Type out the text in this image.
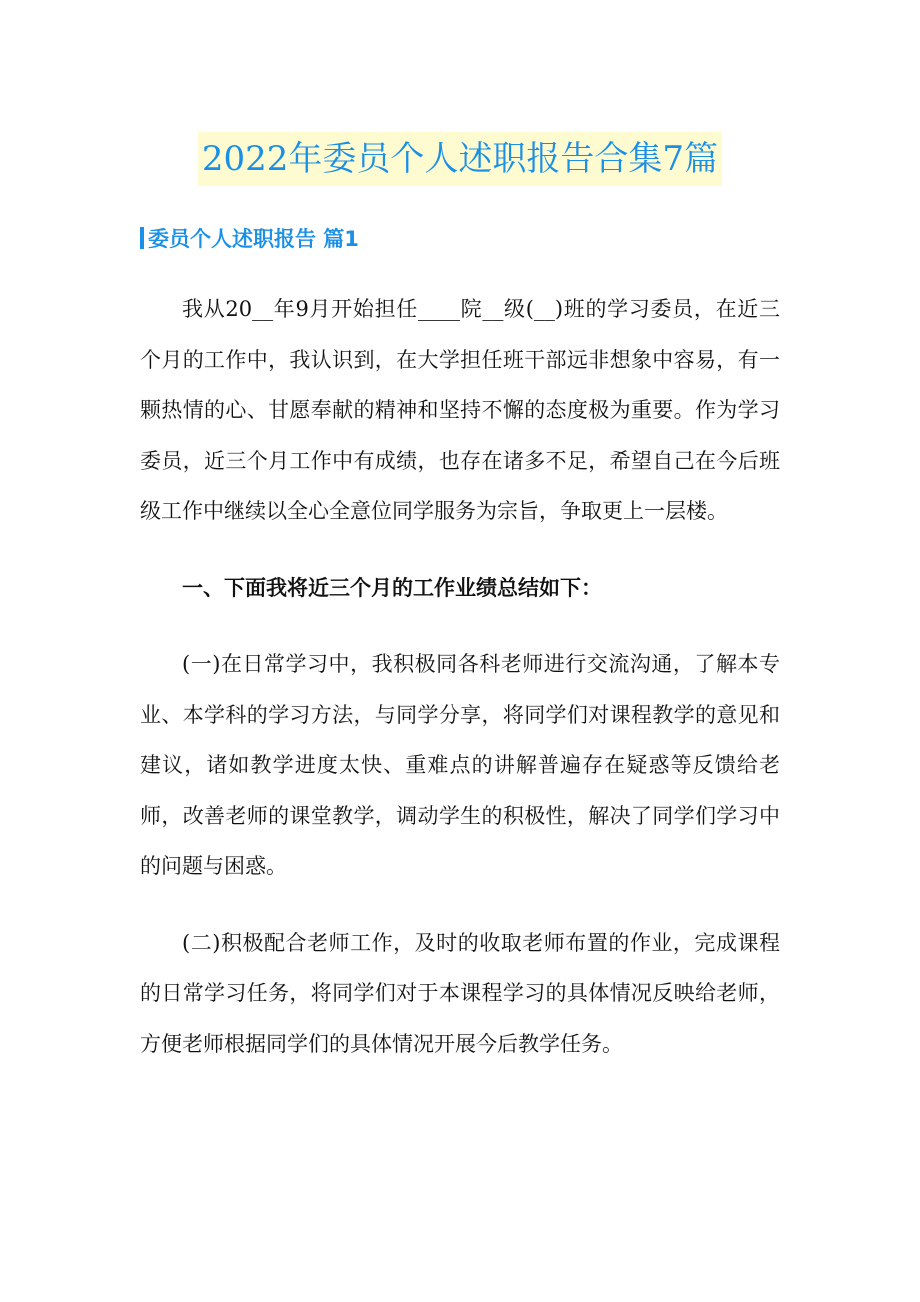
2022年委员个人述职报告合集7篇
委员个人述职报告 篇1

我从20__年9月开始担任____院__级(__)班的学习委员，在近三个月的工作中，我认识到，在大学担任班干部远非想象中容易，有一颗热情的心、甘愿奉献的精神和坚持不懈的态度极为重要。作为学习委员，近三个月工作中有成绩，也存在诸多不足，希望自己在今后班级工作中继续以全心全意位同学服务为宗旨，争取更上一层楼。

一、下面我将近三个月的工作业绩总结如下：

(一)在日常学习中，我积极同各科老师进行交流沟通，了解本专业、本学科的学习方法，与同学分享，将同学们对课程教学的意见和建议，诸如教学进度太快、重难点的讲解普遍存在疑惑等反馈给老师，改善老师的课堂教学，调动学生的积极性，解决了同学们学习中的问题与困惑。

(二)积极配合老师工作，及时的收取老师布置的作业，完成课程的日常学习任务，将同学们对于本课程学习的具体情况反映给老师，方便老师根据同学们的具体情况开展今后教学任务。
